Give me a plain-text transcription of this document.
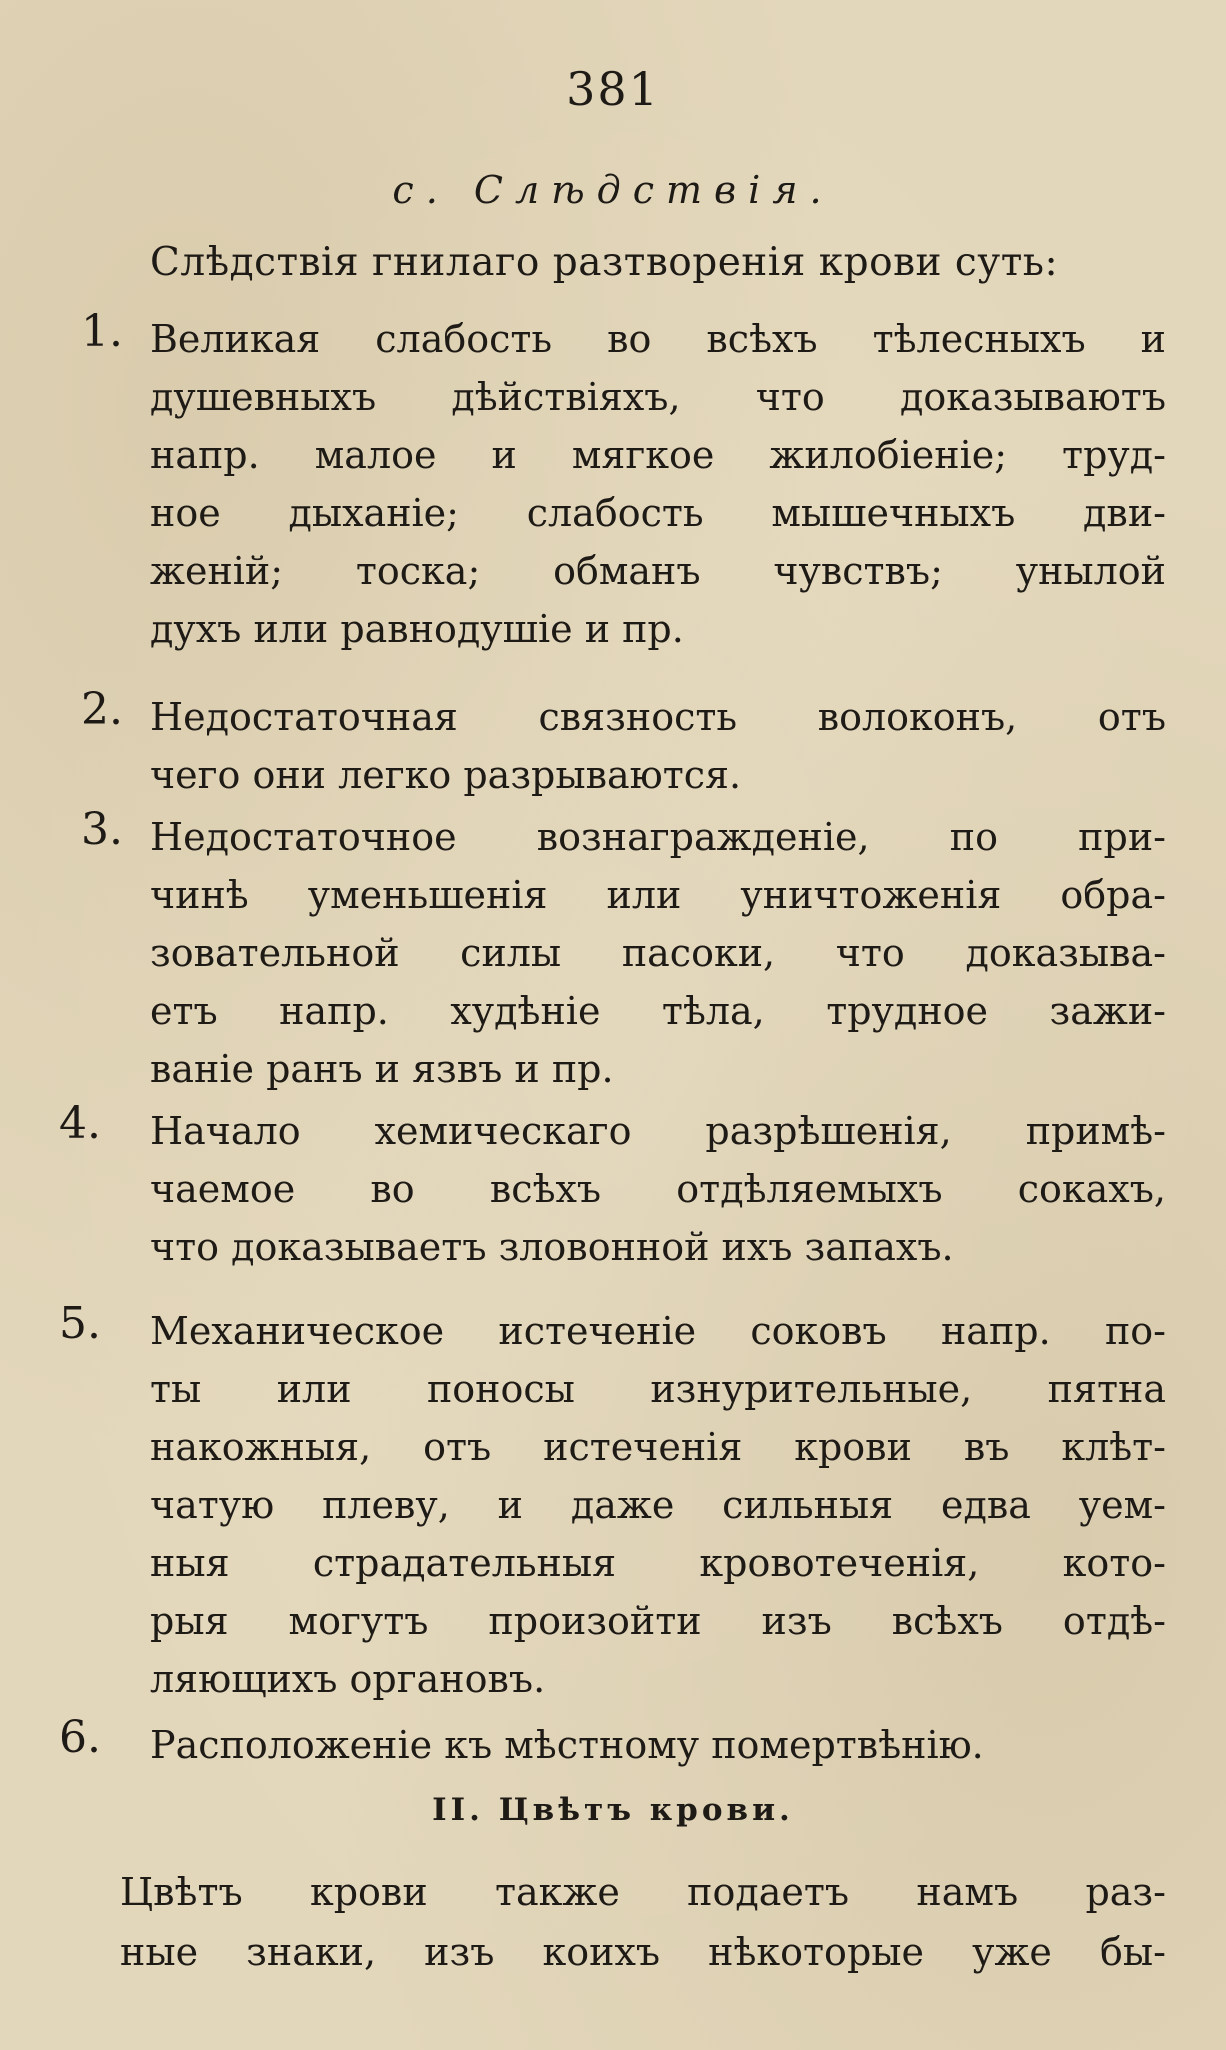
381
c. Слѣдствія.
Слѣдствія гнилаго разтворенія крови суть:
1. Великая слабость во всѣхъ тѣлесныхъ и
душевныхъ дѣйствіяхъ, что доказываютъ
напр. малое и мягкое жилобіеніе; труд-
ное дыханіе; слабость мышечныхъ дви-
женій; тоска; обманъ чувствъ; унылой
духъ или равнодушіе и пр.
2. Недостаточная связность волоконъ, отъ
чего они легко разрываются.
3. Недостаточное вознагражденіе, по при-
чинѣ уменьшенія или уничтоженія обра-
зовательной силы пасоки, что доказыва-
етъ напр. худѣніе тѣла, трудное зажи-
ваніе ранъ и язвъ и пр.
4. Начало хемическаго разрѣшенія, примѣ-
чаемое во всѣхъ отдѣляемыхъ сокахъ,
что доказываетъ зловонной ихъ запахъ.
5. Механическое истеченіе соковъ напр. по-
ты или поносы изнурительные, пятна
накожныя, отъ истеченія крови въ клѣт-
чатую плеву, и даже сильныя едва уем-
ныя страдательныя кровотеченія, кото-
рыя могутъ произойти изъ всѣхъ отдѣ-
ляющихъ органовъ.
6. Расположеніе къ мѣстному помертвѣнію.
II. Цвѣтъ крови.
Цвѣтъ крови также подаетъ намъ раз-
ные знаки, изъ коихъ нѣкоторые уже бы-
